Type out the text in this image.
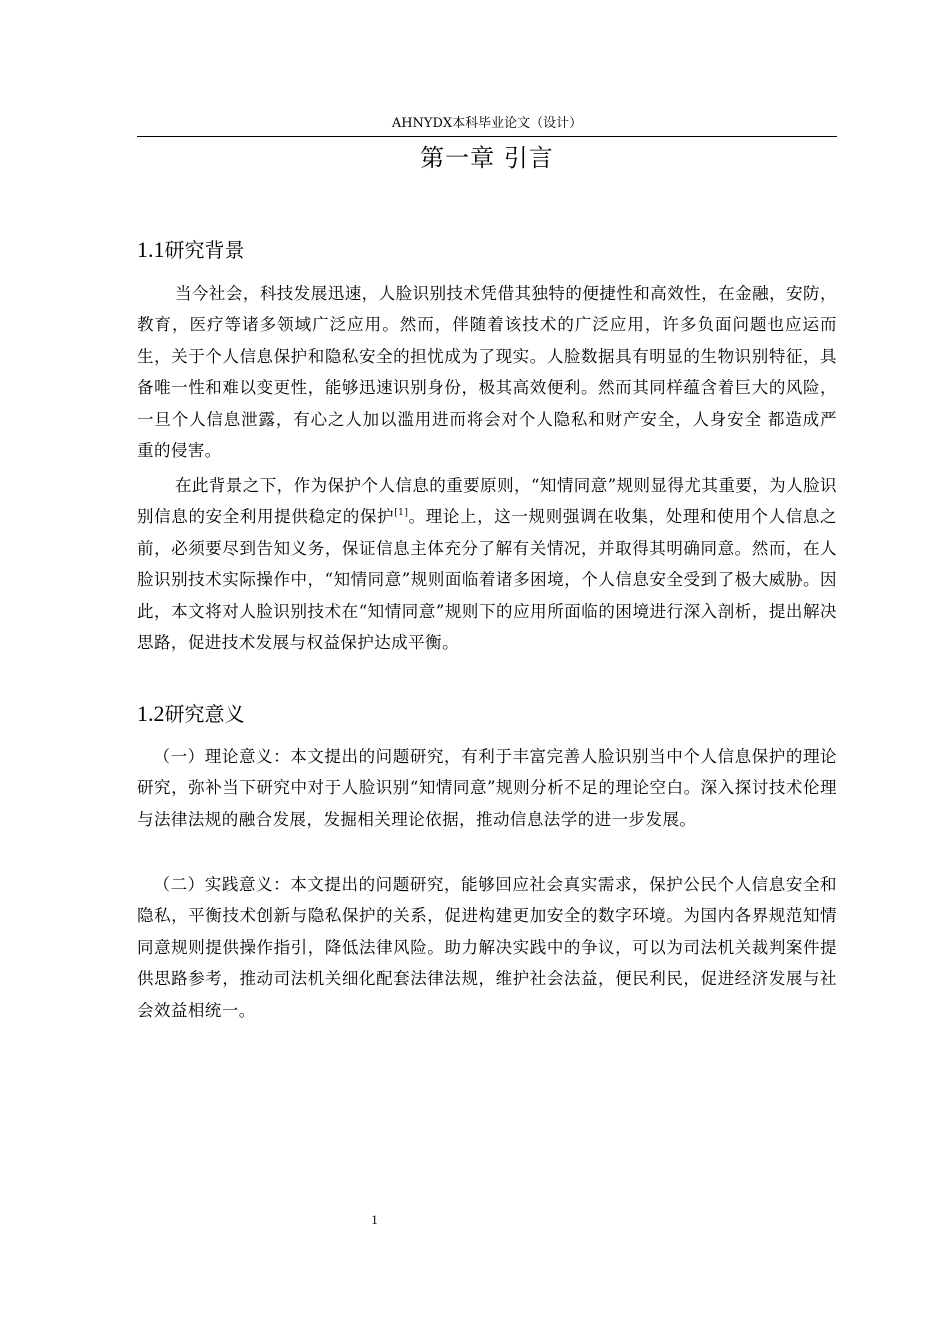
AHNYDX本科毕业论文（设计）
第一章 引言
1.1研究背景

当今社会，科技发展迅速，人脸识别技术凭借其独特的便捷性和高效性，在金融，安防，教育，医疗等诸多领域广泛应用。然而，伴随着该技术的广泛应用，许多负面问题也应运而生，关于个人信息保护和隐私安全的担忧成为了现实。人脸数据具有明显的生物识别特征，具备唯一性和难以变更性，能够迅速识别身份，极其高效便利。然而其同样蕴含着巨大的风险，一旦个人信息泄露，有心之人加以滥用进而将会对个人隐私和财产安全，人身安全 都造成严重的侵害。

在此背景之下，作为保护个人信息的重要原则，“知情同意”规则显得尤其重要，为人脸识别信息的安全利用提供稳定的保护[1]。理论上，这一规则强调在收集，处理和使用个人信息之前，必须要尽到告知义务，保证信息主体充分了解有关情况，并取得其明确同意。然而，在人脸识别技术实际操作中，“知情同意”规则面临着诸多困境，个人信息安全受到了极大威胁。因此，本文将对人脸识别技术在“知情同意”规则下的应用所面临的困境进行深入剖析，提出解决思路，促进技术发展与权益保护达成平衡。

1.2研究意义

（一）理论意义：本文提出的问题研究，有利于丰富完善人脸识别当中个人信息保护的理论研究，弥补当下研究中对于人脸识别“知情同意”规则分析不足的理论空白。深入探讨技术伦理与法律法规的融合发展，发掘相关理论依据，推动信息法学的进一步发展。

（二）实践意义：本文提出的问题研究，能够回应社会真实需求，保护公民个人信息安全和隐私，平衡技术创新与隐私保护的关系，促进构建更加安全的数字环境。为国内各界规范知情同意规则提供操作指引，降低法律风险。助力解决实践中的争议，可以为司法机关裁判案件提供思路参考，推动司法机关细化配套法律法规，维护社会法益，便民利民，促进经济发展与社会效益相统一。

1
